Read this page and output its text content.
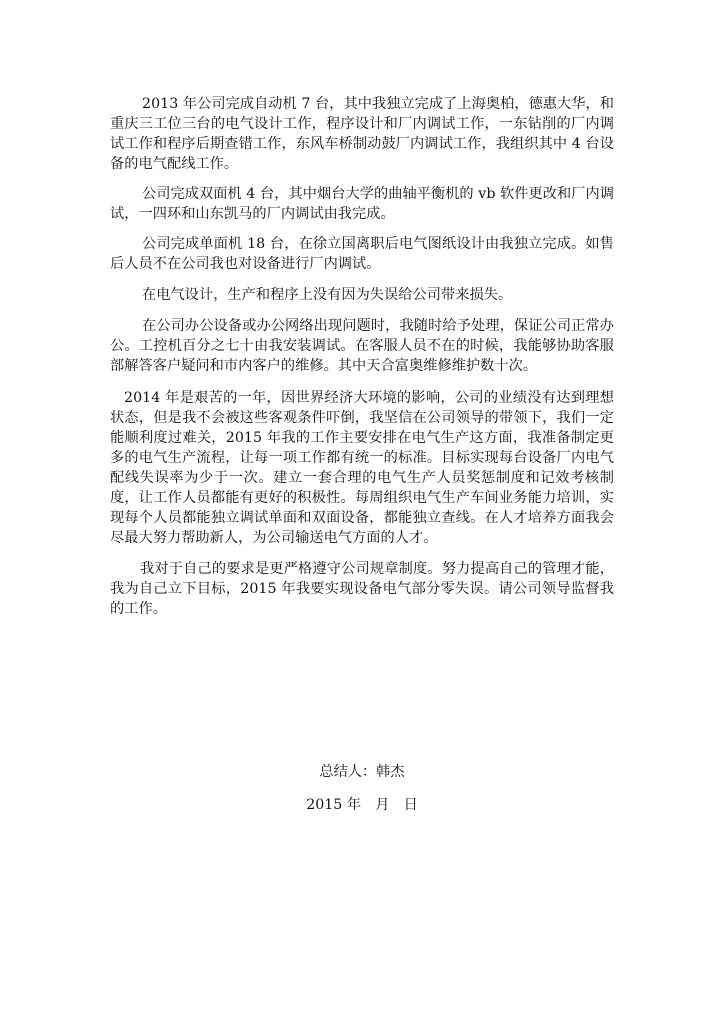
2013 年公司完成自动机 7 台，其中我独立完成了上海奥柏，德惠大华，和重庆三工位三台的电气设计工作，程序设计和厂内调试工作，一东钻削的厂内调试工作和程序后期查错工作，东风车桥制动鼓厂内调试工作，我组织其中 4 台设备的电气配线工作。

公司完成双面机 4 台，其中烟台大学的曲轴平衡机的 vb 软件更改和厂内调试，一四环和山东凯马的厂内调试由我完成。

公司完成单面机 18 台，在徐立国离职后电气图纸设计由我独立完成。如售后人员不在公司我也对设备进行厂内调试。

在电气设计，生产和程序上没有因为失误给公司带来损失。

在公司办公设备或办公网络出现问题时，我随时给予处理，保证公司正常办公。工控机百分之七十由我安装调试。在客服人员不在的时候，我能够协助客服部解答客户疑问和市内客户的维修。其中天合富奥维修维护数十次。

2014 年是艰苦的一年，因世界经济大环境的影响，公司的业绩没有达到理想状态，但是我不会被这些客观条件吓倒，我坚信在公司领导的带领下，我们一定能顺利度过难关，2015 年我的工作主要安排在电气生产这方面，我准备制定更多的电气生产流程，让每一项工作都有统一的标准。目标实现每台设备厂内电气配线失误率为少于一次。建立一套合理的电气生产人员奖惩制度和记效考核制度，让工作人员都能有更好的积极性。每周组织电气生产车间业务能力培训，实现每个人员都能独立调试单面和双面设备，都能独立查线。在人才培养方面我会尽最大努力帮助新人，为公司输送电气方面的人才。

我对于自己的要求是更严格遵守公司规章制度。努力提高自己的管理才能，我为自己立下目标，2015 年我要实现设备电气部分零失误。请公司领导监督我的工作。

总结人：韩杰
2015 年　月　日
